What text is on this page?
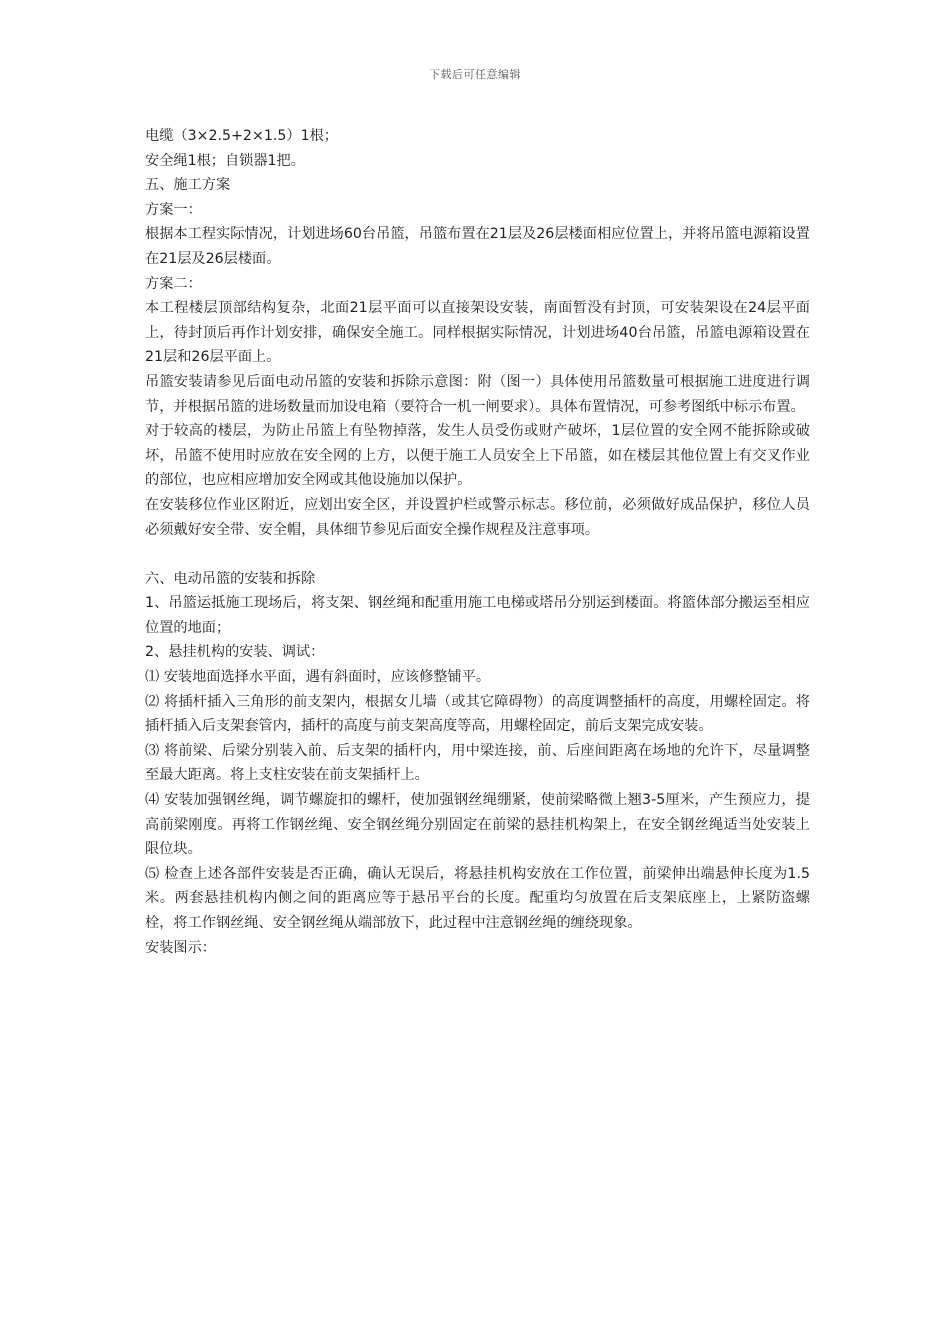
下载后可任意编辑

电缆（3×2.5+2×1.5）1根；

安全绳1根；自锁器1把。

五、施工方案

方案一：

根据本工程实际情况，计划进场60台吊篮，吊篮布置在21层及26层楼面相应位置上，并将吊篮电源箱设置在21层及26层楼面。

方案二：

本工程楼层顶部结构复杂，北面21层平面可以直接架设安装，南面暂没有封顶，可安装架设在24层平面上，待封顶后再作计划安排，确保安全施工。同样根据实际情况，计划进场40台吊篮，吊篮电源箱设置在21层和26层平面上。

吊篮安装请参见后面电动吊篮的安装和拆除示意图：附（图一）具体使用吊篮数量可根据施工进度进行调节，并根据吊篮的进场数量而加设电箱（要符合一机一闸要求）。具体布置情况，可参考图纸中标示布置。

对于较高的楼层，为防止吊篮上有坠物掉落，发生人员受伤或财产破坏，1层位置的安全网不能拆除或破坏，吊篮不使用时应放在安全网的上方，以便于施工人员安全上下吊篮，如在楼层其他位置上有交叉作业的部位，也应相应增加安全网或其他设施加以保护。

在安装移位作业区附近，应划出安全区，并设置护栏或警示标志。移位前，必须做好成品保护，移位人员必须戴好安全带、安全帽，具体细节参见后面安全操作规程及注意事项。

六、电动吊篮的安装和拆除

1、吊篮运抵施工现场后，将支架、钢丝绳和配重用施工电梯或塔吊分别运到楼面。将篮体部分搬运至相应位置的地面；

2、悬挂机构的安装、调试：

⑴ 安装地面选择水平面，遇有斜面时，应该修整铺平。

⑵ 将插杆插入三角形的前支架内，根据女儿墙（或其它障碍物）的高度调整插杆的高度，用螺栓固定。将插杆插入后支架套管内，插杆的高度与前支架高度等高，用螺栓固定，前后支架完成安装。

⑶ 将前梁、后梁分别装入前、后支架的插杆内，用中梁连接，前、后座间距离在场地的允许下，尽量调整至最大距离。将上支柱安装在前支架插杆上。

⑷ 安装加强钢丝绳，调节螺旋扣的螺杆，使加强钢丝绳绷紧，使前梁略微上翘3-5厘米，产生预应力，提高前梁刚度。再将工作钢丝绳、安全钢丝绳分别固定在前梁的悬挂机构架上，在安全钢丝绳适当处安装上限位块。

⑸ 检查上述各部件安装是否正确，确认无误后，将悬挂机构安放在工作位置，前梁伸出端悬伸长度为1.5米。两套悬挂机构内侧之间的距离应等于悬吊平台的长度。配重均匀放置在后支架底座上，上紧防盗螺栓，将工作钢丝绳、安全钢丝绳从端部放下，此过程中注意钢丝绳的缠绕现象。

安装图示：
